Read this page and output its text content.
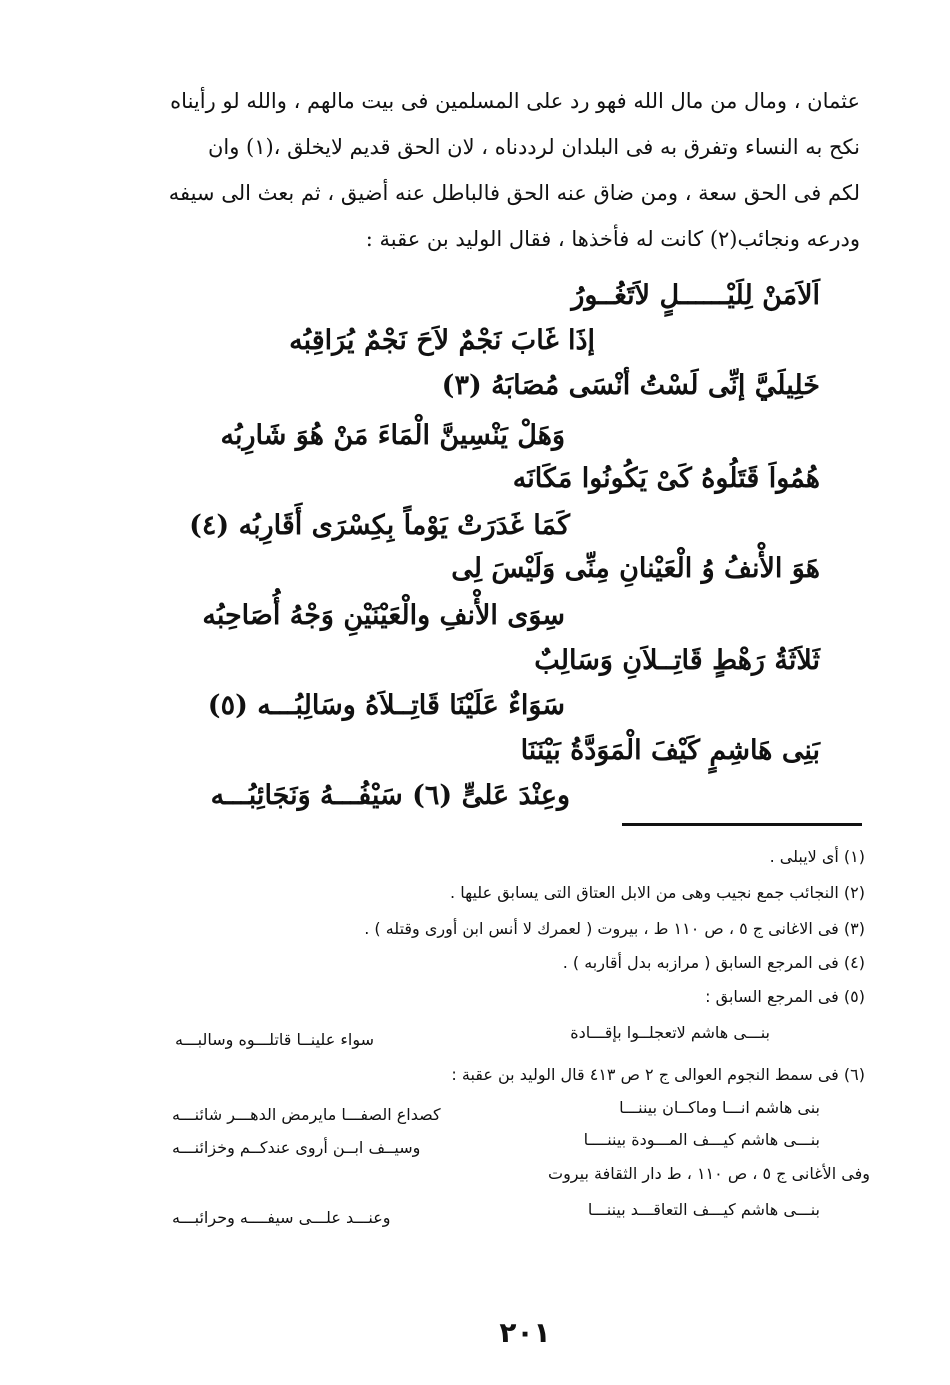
عثمان ، ومال من مال الله فهو رد على المسلمين فى بيت مالهم ، والله لو رأيناه
نكح به النساء وتفرق به فى البلدان لرددناه ، لان الحق قديم لايخلق ،(١) وان
لكم فى الحق سعة ، ومن ضاق عنه الحق فالباطل عنه أضيق ، ثم بعث الى سيفه
ودرعه ونجائب(٢) كانت له فأخذها ، فقال الوليد بن عقبة :
اَلاَمَنْ لِلَيْــــــلٍ لاَتَغُــورُ
إذَا غَابَ نَجْمٌ لاَحَ نَجْمٌ يُرَاقِبُه
خَلِيلَيَّ إنِّى لَسْتُ أنْسَى مُصَابَهُ (٣)
وَهَلْ يَنْسِينَّ الْمَاءَ مَنْ هُوَ شَارِبُه
هُمُواَ قَتَلُوهُ كَىْ يَكُونُوا مَكَانَه
كَمَا غَدَرَتْ يَوْماً بِكِسْرَى أَقَارِبُه (٤)
هَوَ الأْنفُ وُ الْعَيْنانِ مِنِّى وَلَيْسَ لِى
سِوَى الأْنفِ والْعَيْنَيْنِ وَجْهُ أُصَاحِبُه
ثَلاَثَةُ رَهْطٍ قَاتِــلاَنِ وَسَالِبٌ
سَوَاءٌ عَلَيْنَا قَاتِــلاَهُ وسَالِبُـــه (٥)
بَنِى هَاشِمٍ كَيْفَ الْمَوَدَّةُ بَيْنَنَا
وعِنْدَ عَلىٍّ (٦) سَيْفُـــهُ وَنَجَائِبُـــه
(١) أى لايبلى .
(٢) النجائب جمع نجيب وهى من الابل العتاق التى يسابق عليها .
(٣) فى الاغانى ج ٥ ، ص ١١٠ ط ، بيروت ( لعمرك لا أنس ابن أورى وقتله ) .
(٤) فى المرجع السابق ( مرازبه بدل أقاربه ) .
(٥) فى المرجع السابق :
بنـــى هاشم لاتعجلــوا بإقـــادة
سواء علينــا قاتلـــوه وسالبـــه
(٦) فى سمط النجوم العوالى ج ٢ ص ٤١٣ قال الوليد بن عقبة :
بنى هاشم انـــا وماكــان بيننـــا
كصداع الصفـــا مايرمض الدهـــر شائنـــه
بنـــى هاشم كيـــف المـــودة بيننــــا
وسيــف ابــن أروى عندكــم وخزائنـــه
وفى الأغانى ج ٥ ، ص ١١٠ ، ط دار الثقافة بيروت
بنـــى هاشم كيـــف التعاقـــد بيننـــا
وعنـــد علـــى سيفــــه وحرائبـــه
٢٠١
